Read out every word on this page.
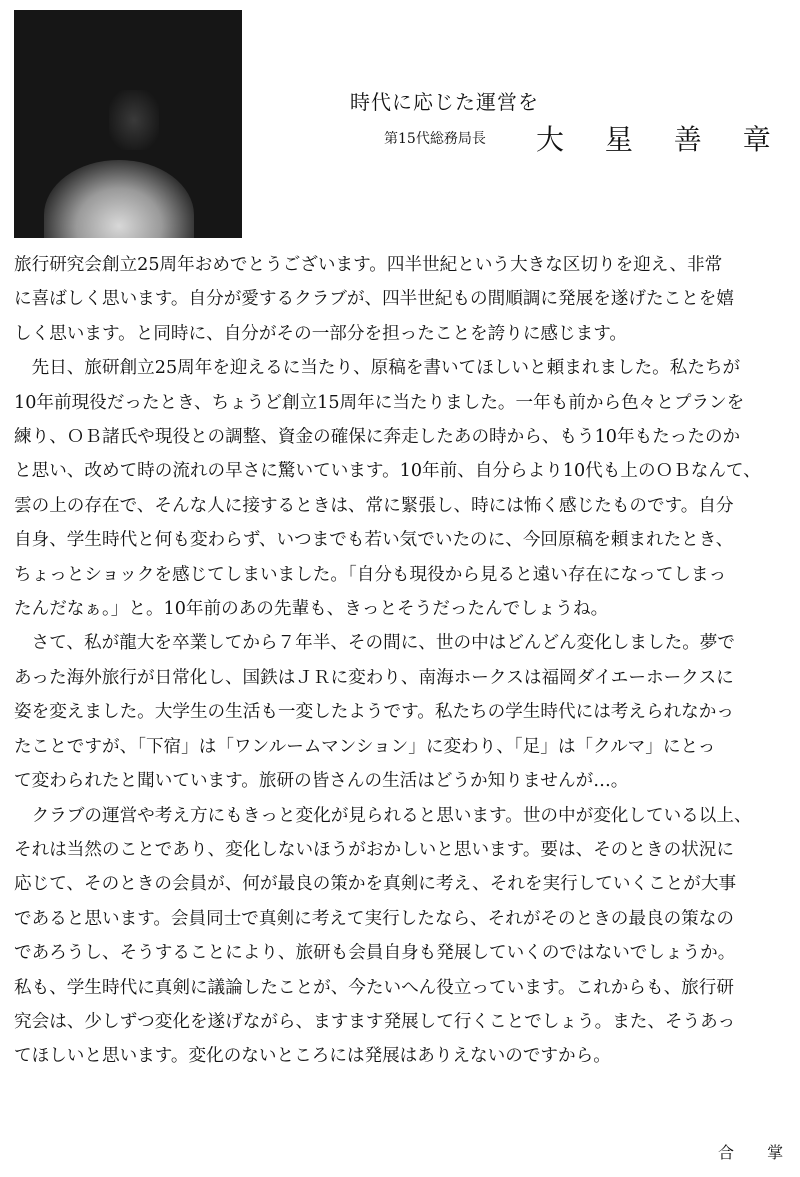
時代に応じた運営を
第15代総務局長 大 星 善 章

旅行研究会創立25周年おめでとうございます。四半世紀という大きな区切りを迎え、非常
に喜ばしく思います。自分が愛するクラブが、四半世紀もの間順調に発展を遂げたことを嬉
しく思います。と同時に、自分がその一部分を担ったことを誇りに感じます。

先日、旅研創立25周年を迎えるに当たり、原稿を書いてほしいと頼まれました。私たちが
10年前現役だったとき、ちょうど創立15周年に当たりました。一年も前から色々とプランを
練り、ＯＢ諸氏や現役との調整、資金の確保に奔走したあの時から、もう10年もたったのか
と思い、改めて時の流れの早さに驚いています。10年前、自分らより10代も上のＯＢなんて、
雲の上の存在で、そんな人に接するときは、常に緊張し、時には怖く感じたものです。自分
自身、学生時代と何も変わらず、いつまでも若い気でいたのに、今回原稿を頼まれたとき、
ちょっとショックを感じてしまいました。「自分も現役から見ると遠い存在になってしまっ
たんだなぁ。」と。10年前のあの先輩も、きっとそうだったんでしょうね。

さて、私が龍大を卒業してから７年半、その間に、世の中はどんどん変化しました。夢で
あった海外旅行が日常化し、国鉄はＪＲに変わり、南海ホークスは福岡ダイエーホークスに
姿を変えました。大学生の生活も一変したようです。私たちの学生時代には考えられなかっ
たことですが、「下宿」は「ワンルームマンション」に変わり、「足」は「クルマ」にとっ
て変わられたと聞いています。旅研の皆さんの生活はどうか知りませんが…。

クラブの運営や考え方にもきっと変化が見られると思います。世の中が変化している以上、
それは当然のことであり、変化しないほうがおかしいと思います。要は、そのときの状況に
応じて、そのときの会員が、何が最良の策かを真剣に考え、それを実行していくことが大事
であると思います。会員同士で真剣に考えて実行したなら、それがそのときの最良の策なの
であろうし、そうすることにより、旅研も会員自身も発展していくのではないでしょうか。
私も、学生時代に真剣に議論したことが、今たいへん役立っています。これからも、旅行研
究会は、少しずつ変化を遂げながら、ますます発展して行くことでしょう。また、そうあっ
てほしいと思います。変化のないところには発展はありえないのですから。

合 掌
